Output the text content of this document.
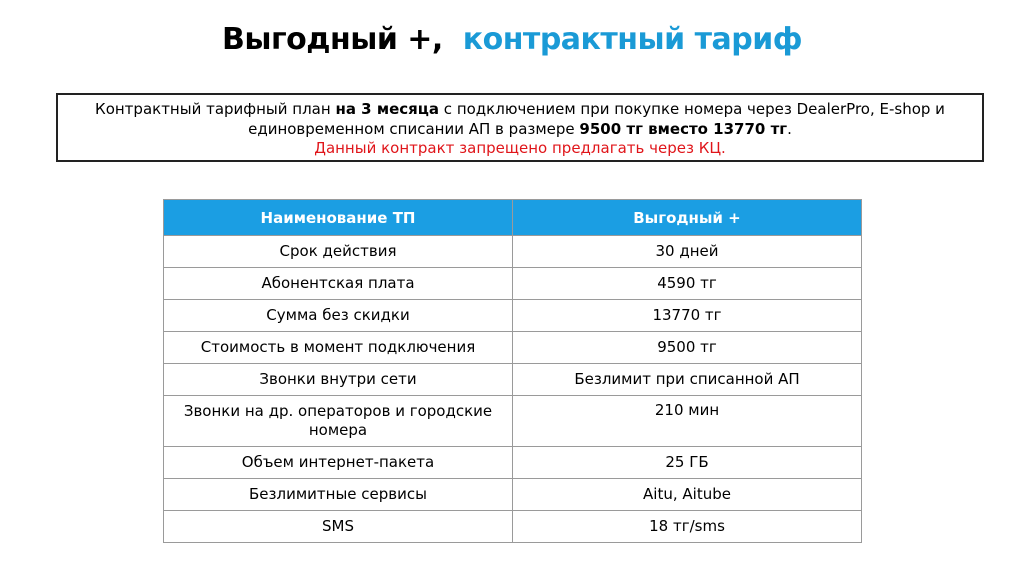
Выгодный +, контрактный тариф
Контрактный тарифный план на 3 месяца с подключением при покупке номера через DealerPro, E-shop и единовременном списании АП в размере 9500 тг вместо 13770 тг.
Данный контракт запрещено предлагать через КЦ.
Наименование ТП	Выгодный +
Срок действия	30 дней
Абонентская плата	4590 тг
Сумма без скидки	13770 тг
Стоимость в момент подключения	9500 тг
Звонки внутри сети	Безлимит при списанной АП
Звонки на др. операторов и городские номера	210 мин
Объем интернет-пакета	25 ГБ
Безлимитные сервисы	Aitu, Aitube
SMS	18 тг/sms
